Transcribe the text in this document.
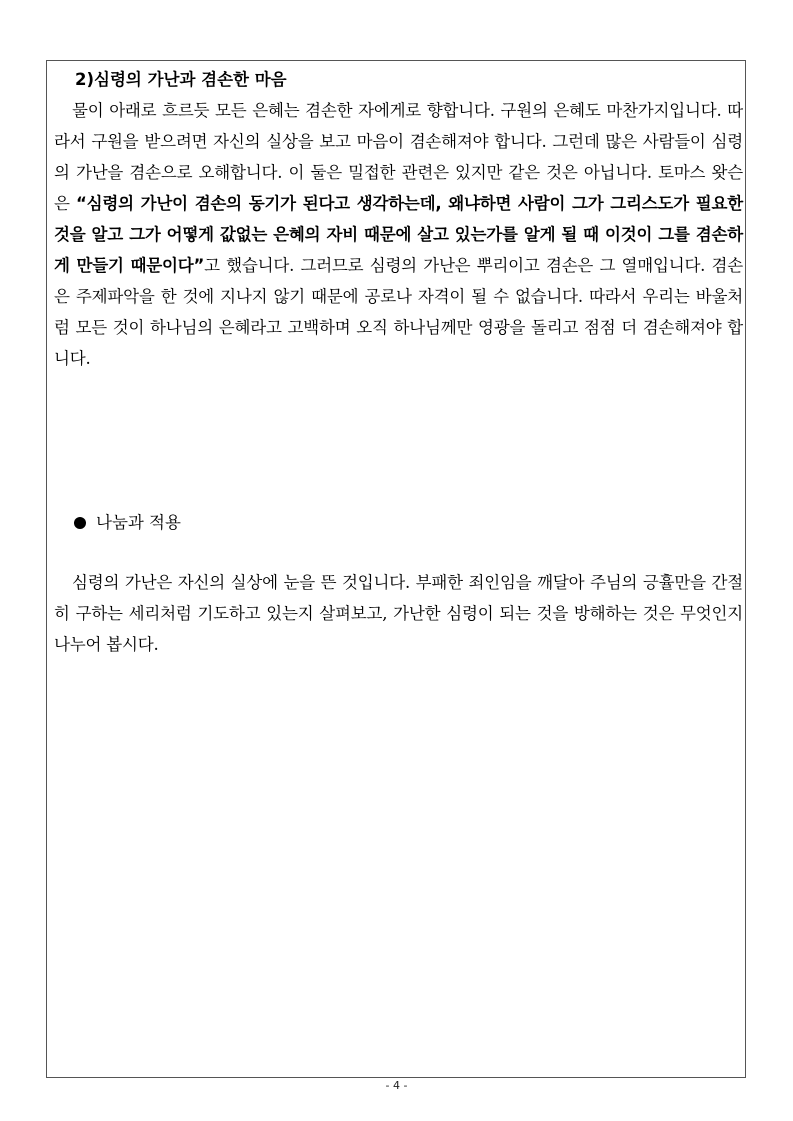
2)심령의 가난과 겸손한 마음

물이 아래로 흐르듯 모든 은혜는 겸손한 자에게로 향합니다. 구원의 은혜도 마찬가지입니다. 따라서 구원을 받으려면 자신의 실상을 보고 마음이 겸손해져야 합니다. 그런데 많은 사람들이 심령의 가난을 겸손으로 오해합니다. 이 둘은 밀접한 관련은 있지만 같은 것은 아닙니다. 토마스 왓슨은 “심령의 가난이 겸손의 동기가 된다고 생각하는데, 왜냐하면 사람이 그가 그리스도가 필요한 것을 알고 그가 어떻게 값없는 은혜의 자비 때문에 살고 있는가를 알게 될 때 이것이 그를 겸손하게 만들기 때문이다”고 했습니다. 그러므로 심령의 가난은 뿌리이고 겸손은 그 열매입니다. 겸손은 주제파악을 한 것에 지나지 않기 때문에 공로나 자격이 될 수 없습니다. 따라서 우리는 바울처럼 모든 것이 하나님의 은혜라고 고백하며 오직 하나님께만 영광을 돌리고 점점 더 겸손해져야 합니다.

나눔과 적용

심령의 가난은 자신의 실상에 눈을 뜬 것입니다. 부패한 죄인임을 깨달아 주님의 긍휼만을 간절히 구하는 세리처럼 기도하고 있는지 살펴보고, 가난한 심령이 되는 것을 방해하는 것은 무엇인지 나누어 봅시다.

- 4 -
